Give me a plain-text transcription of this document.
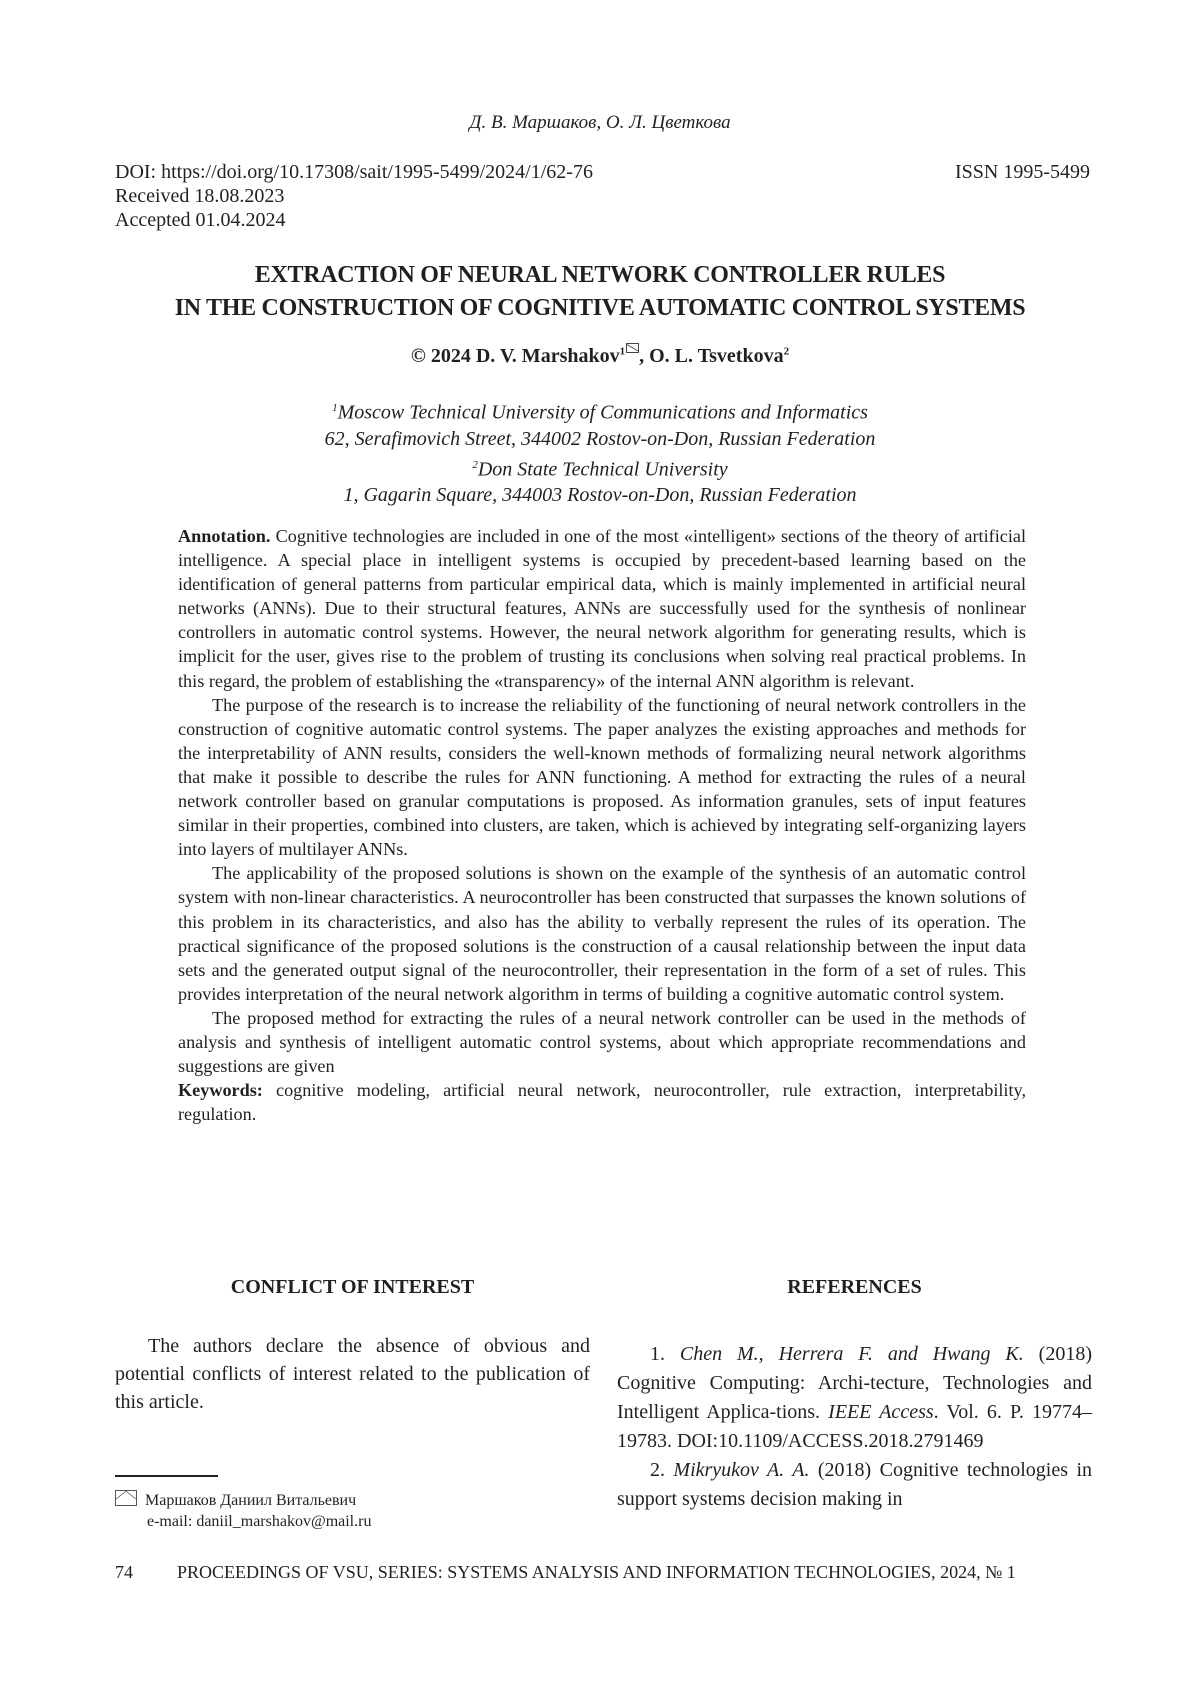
Д. В. Маршаков, О. Л. Цветкова
DOI: https://doi.org/10.17308/sait/1995-5499/2024/1/62-76
Received 18.08.2023
Accepted 01.04.2024
ISSN 1995-5499
EXTRACTION OF NEURAL NETWORK CONTROLLER RULES
IN THE CONSTRUCTION OF COGNITIVE AUTOMATIC CONTROL SYSTEMS
© 2024 D. V. Marshakov$^1$ , O. L. Tsvetkova$^2$
$^1$Moscow Technical University of Communications and Informatics
62, Serafimovich Street, 344002 Rostov-on-Don, Russian Federation
$^2$Don State Technical University
1, Gagarin Square, 344003 Rostov-on-Don, Russian Federation

Annotation. Cognitive technologies are included in one of the most «intelligent» sections of the theory of artificial intelligence. A special place in intelligent systems is occupied by precedent-based learning based on the identification of general patterns from particular empirical data, which is mainly implemented in artificial neural networks (ANNs). Due to their structural features, ANNs are successfully used for the synthesis of nonlinear controllers in automatic control systems. However, the neural network algorithm for generating results, which is implicit for the user, gives rise to the problem of trusting its conclusions when solving real practical problems. In this regard, the problem of establishing the «transparency» of the internal ANN algorithm is relevant.

The purpose of the research is to increase the reliability of the functioning of neural network controllers in the construction of cognitive automatic control systems. The paper analyzes the existing approaches and methods for the interpretability of ANN results, considers the well-known methods of formalizing neural network algorithms that make it possible to describe the rules for ANN functioning. A method for extracting the rules of a neural network controller based on granular computations is proposed. As information granules, sets of input features similar in their properties, combined into clusters, are taken, which is achieved by integrating self-organizing layers into layers of multilayer ANNs.

The applicability of the proposed solutions is shown on the example of the synthesis of an automatic control system with non-linear characteristics. A neurocontroller has been constructed that surpasses the known solutions of this problem in its characteristics, and also has the ability to verbally represent the rules of its operation. The practical significance of the proposed solutions is the construction of a causal relationship between the input data sets and the generated output signal of the neurocontroller, their representation in the form of a set of rules. This provides interpretation of the neural network algorithm in terms of building a cognitive automatic control system.

The proposed method for extracting the rules of a neural network controller can be used in the methods of analysis and synthesis of intelligent automatic control systems, about which appropriate recommendations and suggestions are given

Keywords: cognitive modeling, artificial neural network, neurocontroller, rule extraction, interpretability, regulation.

CONFLICT OF INTEREST	REFERENCES
The authors declare the absence of obvious and potential conflicts of interest related to the publication of this article.

1. Chen M., Herrera F. and Hwang K. (2018) Cognitive Computing: Archi-tecture, Technologies and Intelligent Applica-tions. IEEE Access. Vol. 6. P. 19774–19783. DOI:10.1109/ACCESS.2018.2791469

2. Mikryukov A. A. (2018) Cognitive technologies in support systems decision making in

Маршаков Даниил Витальевич
e-mail: daniil_marshakov@mail.ru
74 PROCEEDINGS OF VSU, SERIES: SYSTEMS ANALYSIS AND INFORMATION TECHNOLOGIES, 2024, № 1
